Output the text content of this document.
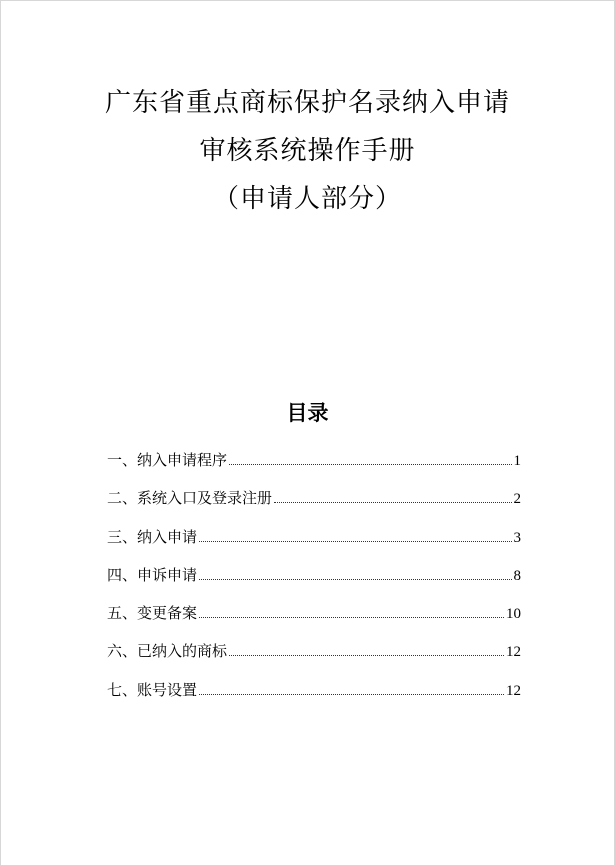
广东省重点商标保护名录纳入申请
审核系统操作手册
（申请人部分）
目录
一、纳入申请程序	1
二、系统入口及登录注册	2
三、纳入申请	3
四、申诉申请	8
五、变更备案	10
六、已纳入的商标	12
七、账号设置	12
